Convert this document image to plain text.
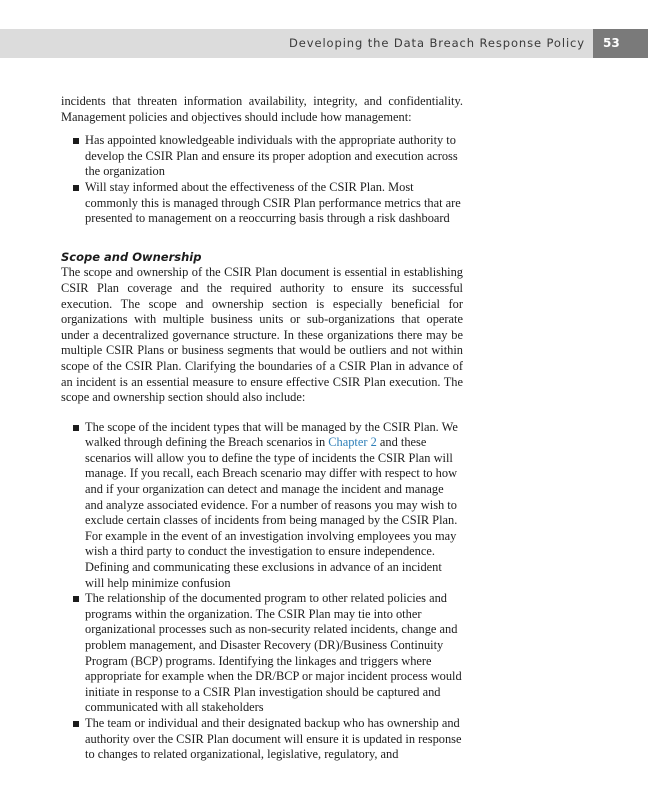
Developing the Data Breach Response Policy	53

incidents that threaten information availability, integrity, and confidentiality. Management policies and objectives should include how management:

Has appointed knowledgeable individuals with the appropriate authority to develop the CSIR Plan and ensure its proper adoption and execution across the organization
Will stay informed about the effectiveness of the CSIR Plan. Most commonly this is managed through CSIR Plan performance metrics that are presented to management on a reoccurring basis through a risk dashboard
Scope and Ownership

The scope and ownership of the CSIR Plan document is essential in establishing CSIR Plan coverage and the required authority to ensure its successful execution. The scope and ownership section is especially beneficial for organizations with multiple business units or sub-organizations that operate under a decentralized governance structure. In these organizations there may be multiple CSIR Plans or business segments that would be outliers and not within scope of the CSIR Plan. Clarifying the boundaries of a CSIR Plan in advance of an incident is an essential measure to ensure effective CSIR Plan execution. The scope and ownership section should also include:

The scope of the incident types that will be managed by the CSIR Plan. We walked through defining the Breach scenarios in Chapter 2 and these scenarios will allow you to define the type of incidents the CSIR Plan will manage. If you recall, each Breach scenario may differ with respect to how and if your organization can detect and manage the incident and manage and analyze associated evidence. For a number of reasons you may wish to exclude certain classes of incidents from being managed by the CSIR Plan. For example in the event of an investigation involving employees you may wish a third party to conduct the investigation to ensure independence. Defining and communicating these exclusions in advance of an incident will help minimize confusion
The relationship of the documented program to other related policies and programs within the organization. The CSIR Plan may tie into other organizational processes such as non-security related incidents, change and problem management, and Disaster Recovery (DR)/Business Continuity Program (BCP) programs. Identifying the linkages and triggers where appropriate for example when the DR/BCP or major incident process would initiate in response to a CSIR Plan investigation should be captured and communicated with all stakeholders
The team or individual and their designated backup who has ownership and authority over the CSIR Plan document will ensure it is updated in response to changes to related organizational, legislative, regulatory, and
